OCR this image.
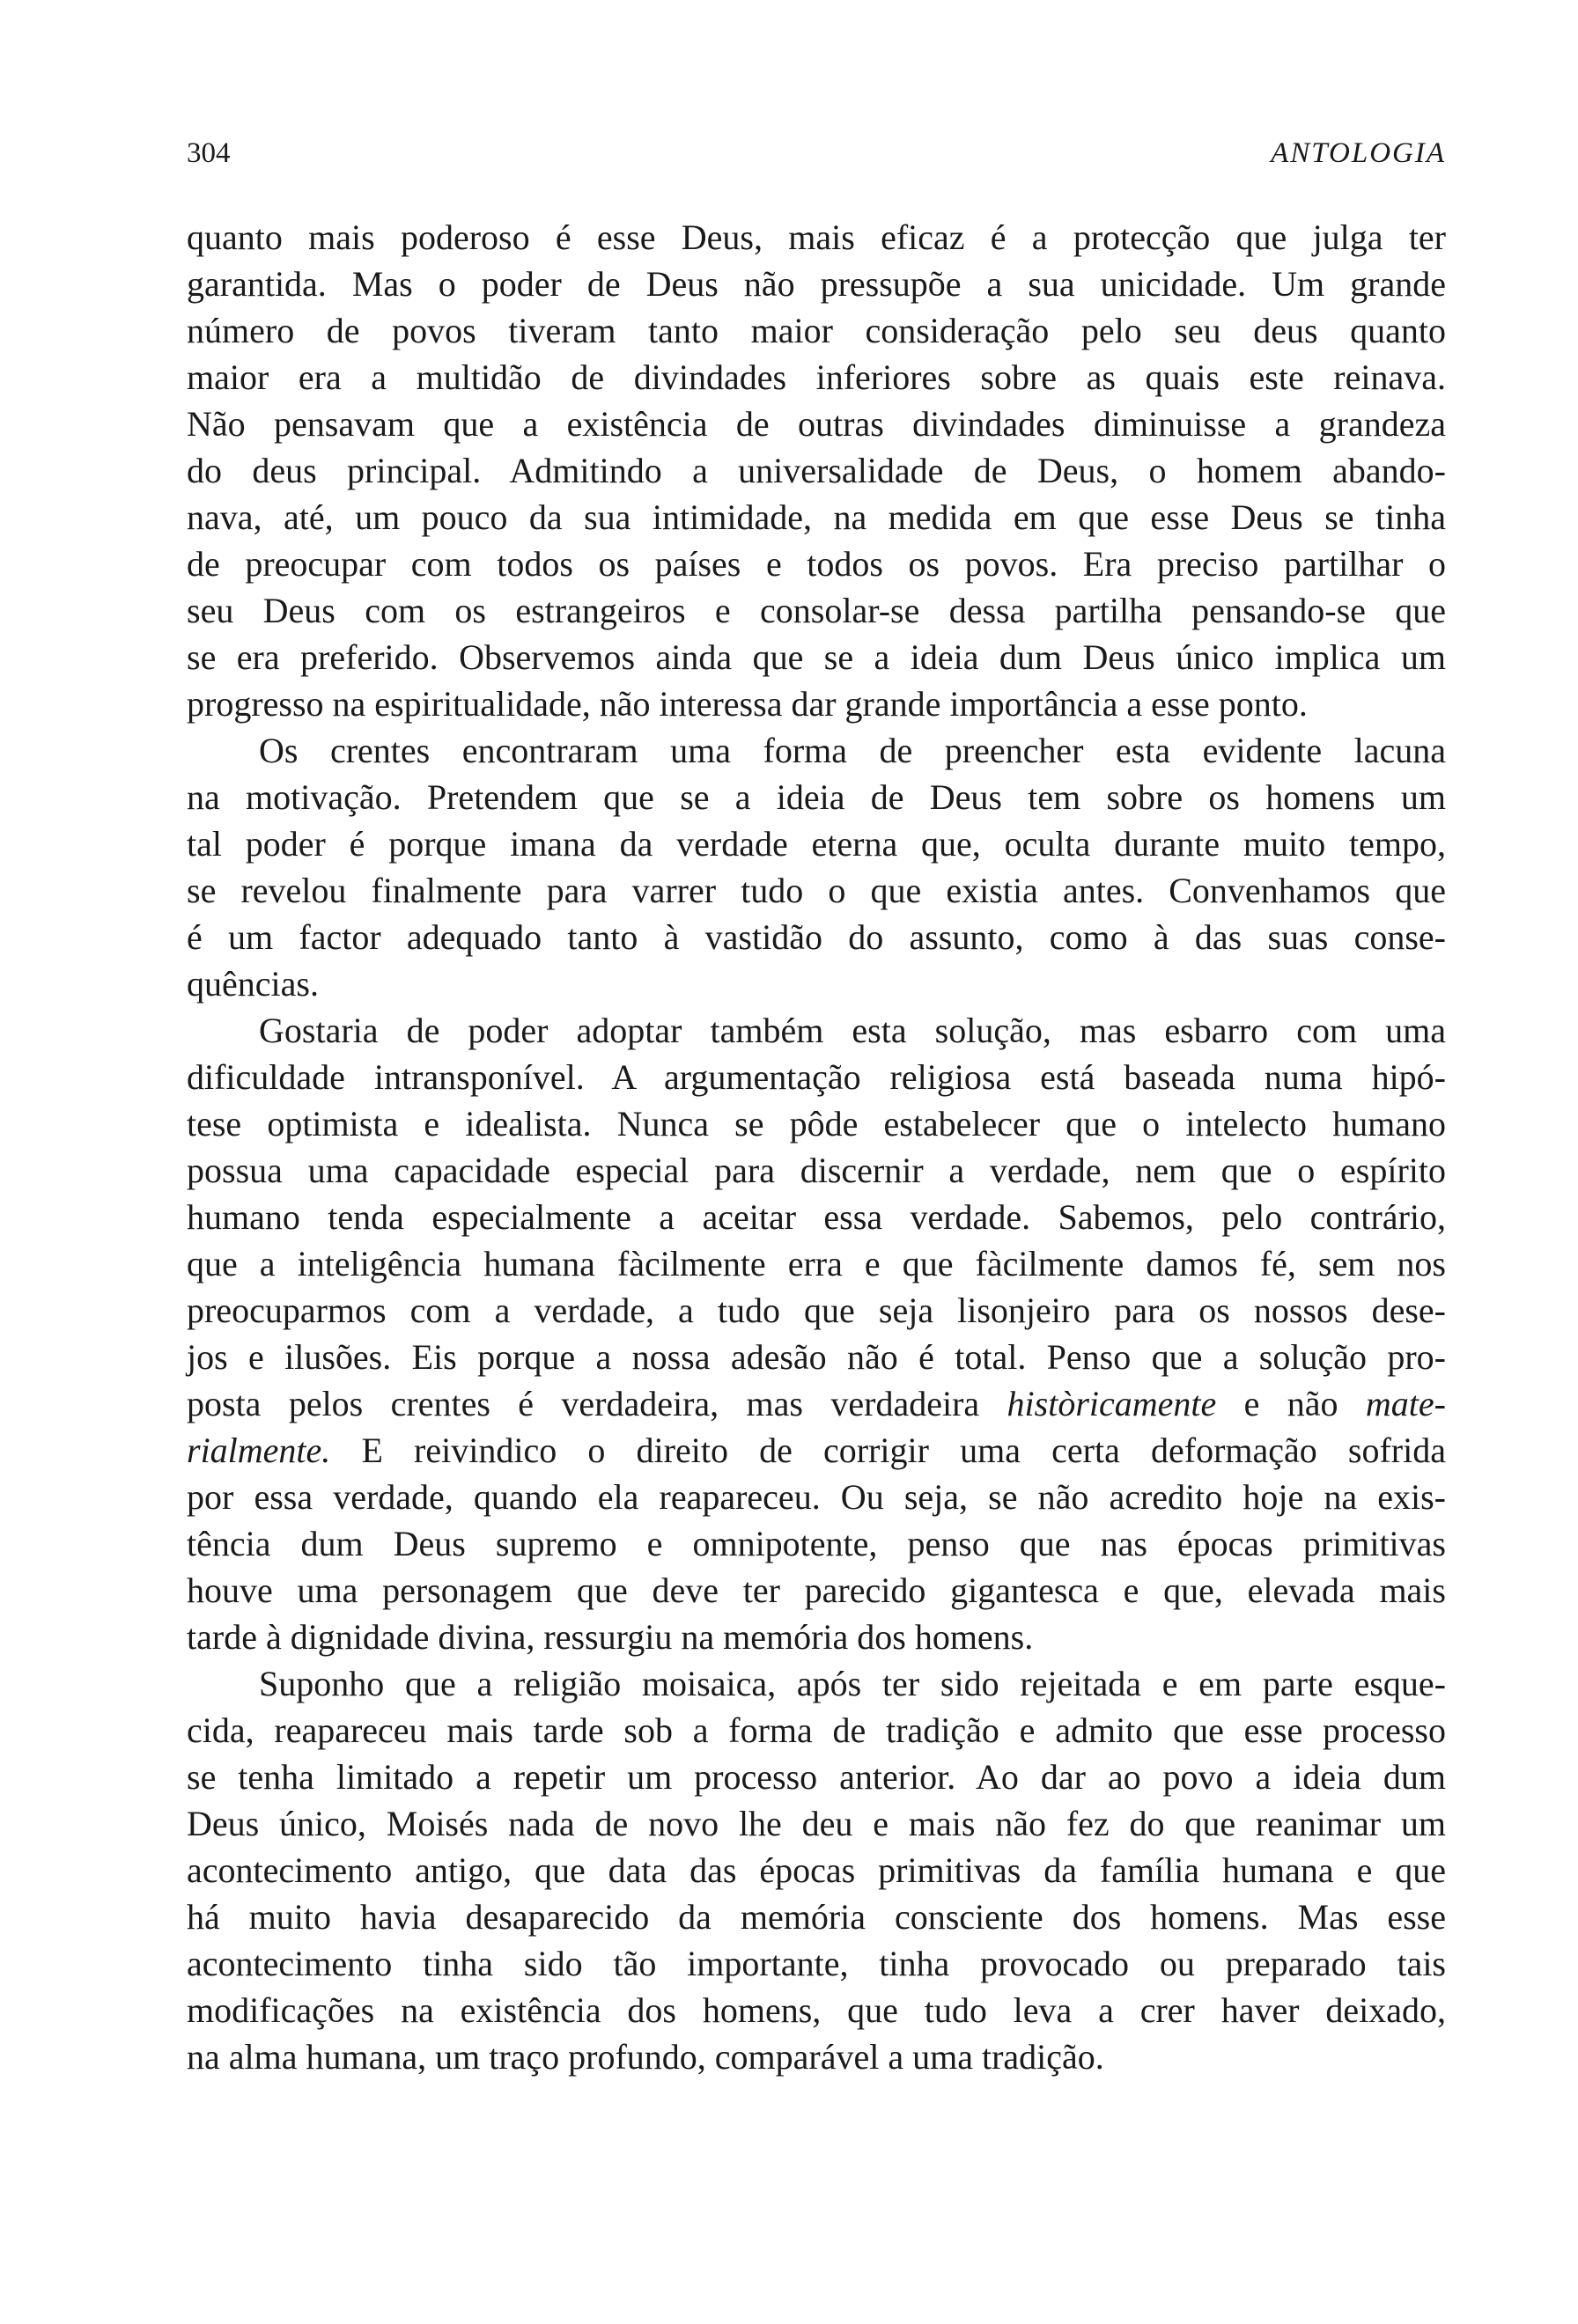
304	ANTOLOGIA
quanto mais poderoso é esse Deus, mais eficaz é a protecção que julga ter
garantida. Mas o poder de Deus não pressupõe a sua unicidade. Um grande
número de povos tiveram tanto maior consideração pelo seu deus quanto
maior era a multidão de divindades inferiores sobre as quais este reinava.
Não pensavam que a existência de outras divindades diminuisse a grandeza
do deus principal. Admitindo a universalidade de Deus, o homem abando-
nava, até, um pouco da sua intimidade, na medida em que esse Deus se tinha
de preocupar com todos os países e todos os povos. Era preciso partilhar o
seu Deus com os estrangeiros e consolar-se dessa partilha pensando-se que
se era preferido. Observemos ainda que se a ideia dum Deus único implica um
progresso na espiritualidade, não interessa dar grande importância a esse ponto.
Os crentes encontraram uma forma de preencher esta evidente lacuna
na motivação. Pretendem que se a ideia de Deus tem sobre os homens um
tal poder é porque imana da verdade eterna que, oculta durante muito tempo,
se revelou finalmente para varrer tudo o que existia antes. Convenhamos que
é um factor adequado tanto à vastidão do assunto, como à das suas conse-
quências.
Gostaria de poder adoptar também esta solução, mas esbarro com uma
dificuldade intransponível. A argumentação religiosa está baseada numa hipó-
tese optimista e idealista. Nunca se pôde estabelecer que o intelecto humano
possua uma capacidade especial para discernir a verdade, nem que o espírito
humano tenda especialmente a aceitar essa verdade. Sabemos, pelo contrário,
que a inteligência humana fàcilmente erra e que fàcilmente damos fé, sem nos
preocuparmos com a verdade, a tudo que seja lisonjeiro para os nossos dese-
jos e ilusões. Eis porque a nossa adesão não é total. Penso que a solução pro-
posta pelos crentes é verdadeira, mas verdadeira històricamente e não mate-
rialmente. E reivindico o direito de corrigir uma certa deformação sofrida
por essa verdade, quando ela reapareceu. Ou seja, se não acredito hoje na exis-
tência dum Deus supremo e omnipotente, penso que nas épocas primitivas
houve uma personagem que deve ter parecido gigantesca e que, elevada mais
tarde à dignidade divina, ressurgiu na memória dos homens.
Suponho que a religião moisaica, após ter sido rejeitada e em parte esque-
cida, reapareceu mais tarde sob a forma de tradição e admito que esse processo
se tenha limitado a repetir um processo anterior. Ao dar ao povo a ideia dum
Deus único, Moisés nada de novo lhe deu e mais não fez do que reanimar um
acontecimento antigo, que data das épocas primitivas da família humana e que
há muito havia desaparecido da memória consciente dos homens. Mas esse
acontecimento tinha sido tão importante, tinha provocado ou preparado tais
modificações na existência dos homens, que tudo leva a crer haver deixado,
na alma humana, um traço profundo, comparável a uma tradição.
